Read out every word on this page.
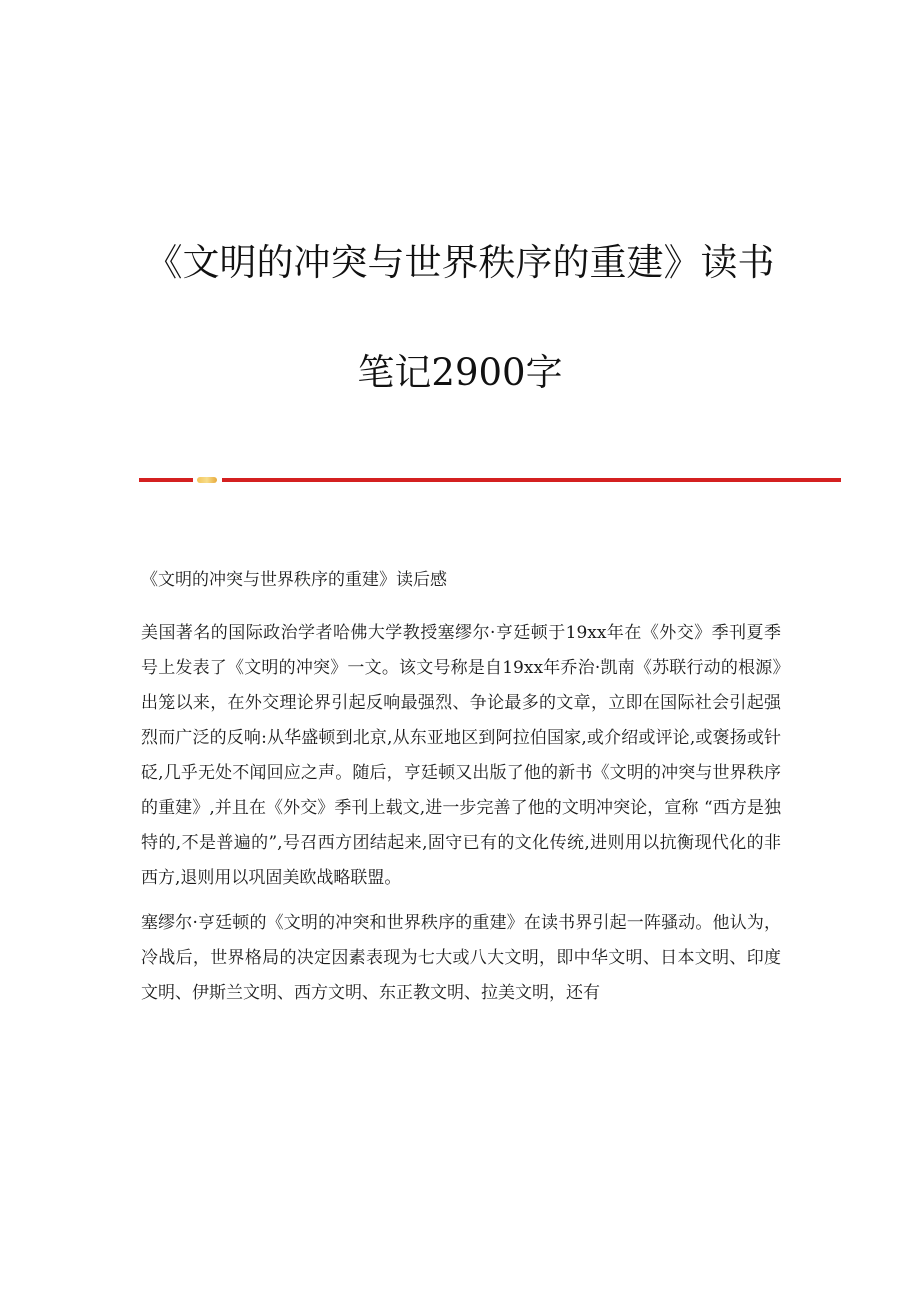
《文明的冲突与世界秩序的重建》读书
笔记2900字

《文明的冲突与世界秩序的重建》读后感

美国著名的国际政治学者哈佛大学教授塞缪尔·亨廷顿于19xx年在《外交》季刊夏季号上发表了《文明的冲突》一文。该文号称是自19xx年乔治·凯南《苏联行动的根源》出笼以来，在外交理论界引起反响最强烈、争论最多的文章，立即在国际社会引起强烈而广泛的反响:从华盛顿到北京,从东亚地区到阿拉伯国家,或介绍或评论,或褒扬或针砭,几乎无处不闻回应之声。随后，亨廷顿又出版了他的新书《文明的冲突与世界秩序的重建》,并且在《外交》季刊上载文,进一步完善了他的文明冲突论，宣称 “西方是独特的,不是普遍的”,号召西方团结起来,固守已有的文化传统,进则用以抗衡现代化的非西方,退则用以巩固美欧战略联盟。

塞缪尔·亨廷顿的《文明的冲突和世界秩序的重建》在读书界引起一阵骚动。他认为，冷战后，世界格局的决定因素表现为七大或八大文明，即中华文明、日本文明、印度文明、伊斯兰文明、西方文明、东正教文明、拉美文明，还有
